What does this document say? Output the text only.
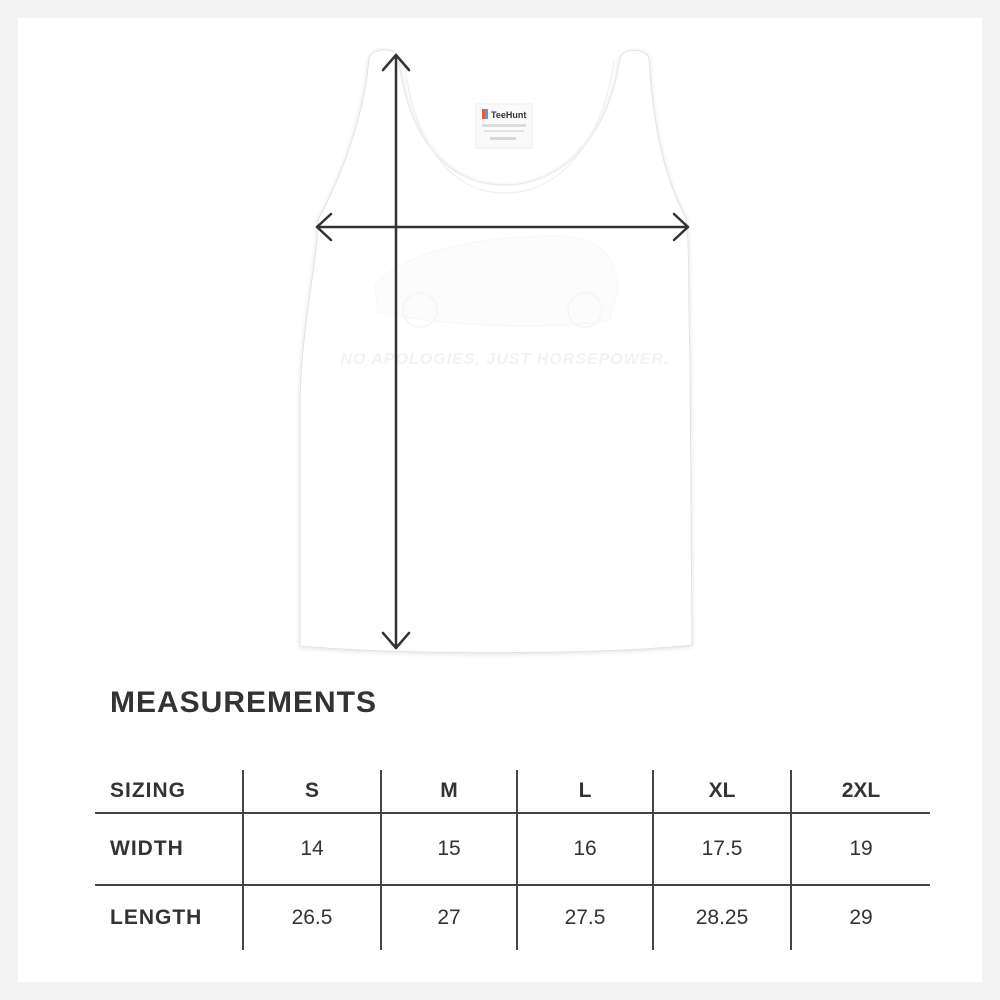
NO APOLOGIES, JUST HORSEPOWER.
TeeHunt
MEASUREMENTS
SIZING	S	M	L	XL	2XL
WIDTH	14	15	16	17.5	19
LENGTH	26.5	27	27.5	28.25	29
